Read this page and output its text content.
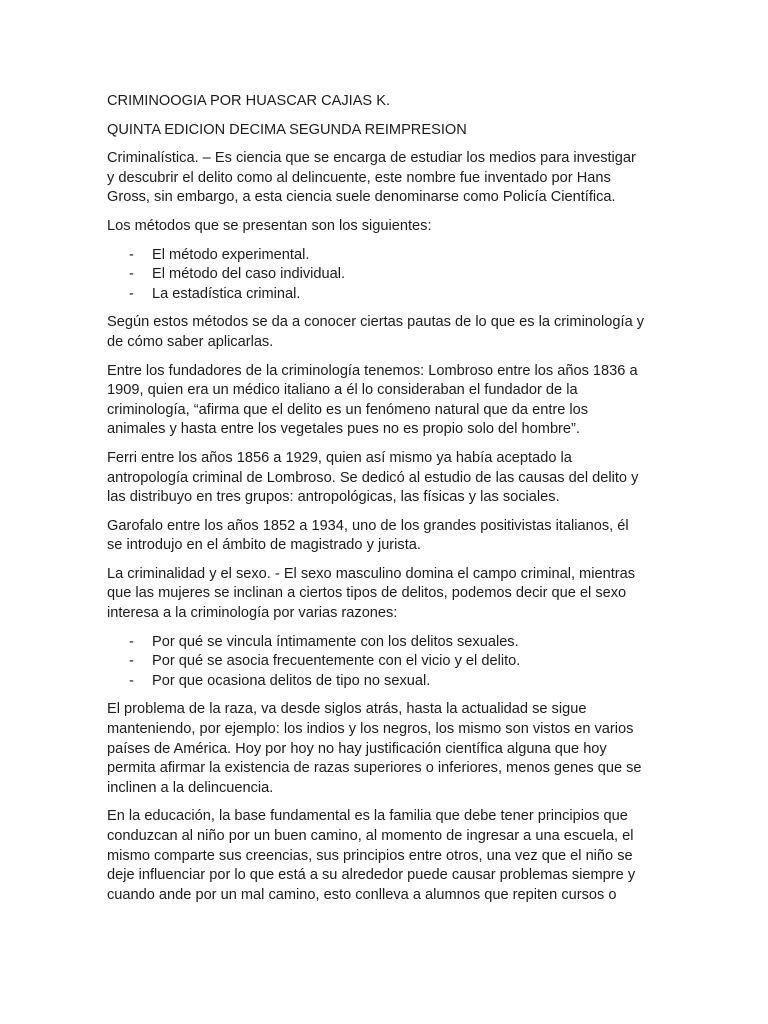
CRIMINOOGIA POR HUASCAR CAJIAS K.

QUINTA EDICION DECIMA SEGUNDA REIMPRESION

Criminalística. – Es ciencia que se encarga de estudiar los medios para investigar
y descubrir el delito como al delincuente, este nombre fue inventado por Hans
Gross, sin embargo, a esta ciencia suele denominarse como Policía Científica.

Los métodos que se presentan son los siguientes:

- El método experimental.
- El método del caso individual.
- La estadística criminal.

Según estos métodos se da a conocer ciertas pautas de lo que es la criminología y
de cómo saber aplicarlas.

Entre los fundadores de la criminología tenemos: Lombroso entre los años 1836 a
1909, quien era un médico italiano a él lo consideraban el fundador de la
criminología, “afirma que el delito es un fenómeno natural que da entre los
animales y hasta entre los vegetales pues no es propio solo del hombre”.

Ferri entre los años 1856 a 1929, quien así mismo ya había aceptado la
antropología criminal de Lombroso. Se dedicó al estudio de las causas del delito y
las distribuyo en tres grupos: antropológicas, las físicas y las sociales.

Garofalo entre los años 1852 a 1934, uno de los grandes positivistas italianos, él
se introdujo en el ámbito de magistrado y jurista.

La criminalidad y el sexo. - El sexo masculino domina el campo criminal, mientras
que las mujeres se inclinan a ciertos tipos de delitos, podemos decir que el sexo
interesa a la criminología por varias razones:

- Por qué se vincula íntimamente con los delitos sexuales.
- Por qué se asocia frecuentemente con el vicio y el delito.
- Por que ocasiona delitos de tipo no sexual.

El problema de la raza, va desde siglos atrás, hasta la actualidad se sigue
manteniendo, por ejemplo: los indios y los negros, los mismo son vistos en varios
países de América. Hoy por hoy no hay justificación científica alguna que hoy
permita afirmar la existencia de razas superiores o inferiores, menos genes que se
inclinen a la delincuencia.

En la educación, la base fundamental es la familia que debe tener principios que
conduzcan al niño por un buen camino, al momento de ingresar a una escuela, el
mismo comparte sus creencias, sus principios entre otros, una vez que el niño se
deje influenciar por lo que está a su alrededor puede causar problemas siempre y
cuando ande por un mal camino, esto conlleva a alumnos que repiten cursos o
